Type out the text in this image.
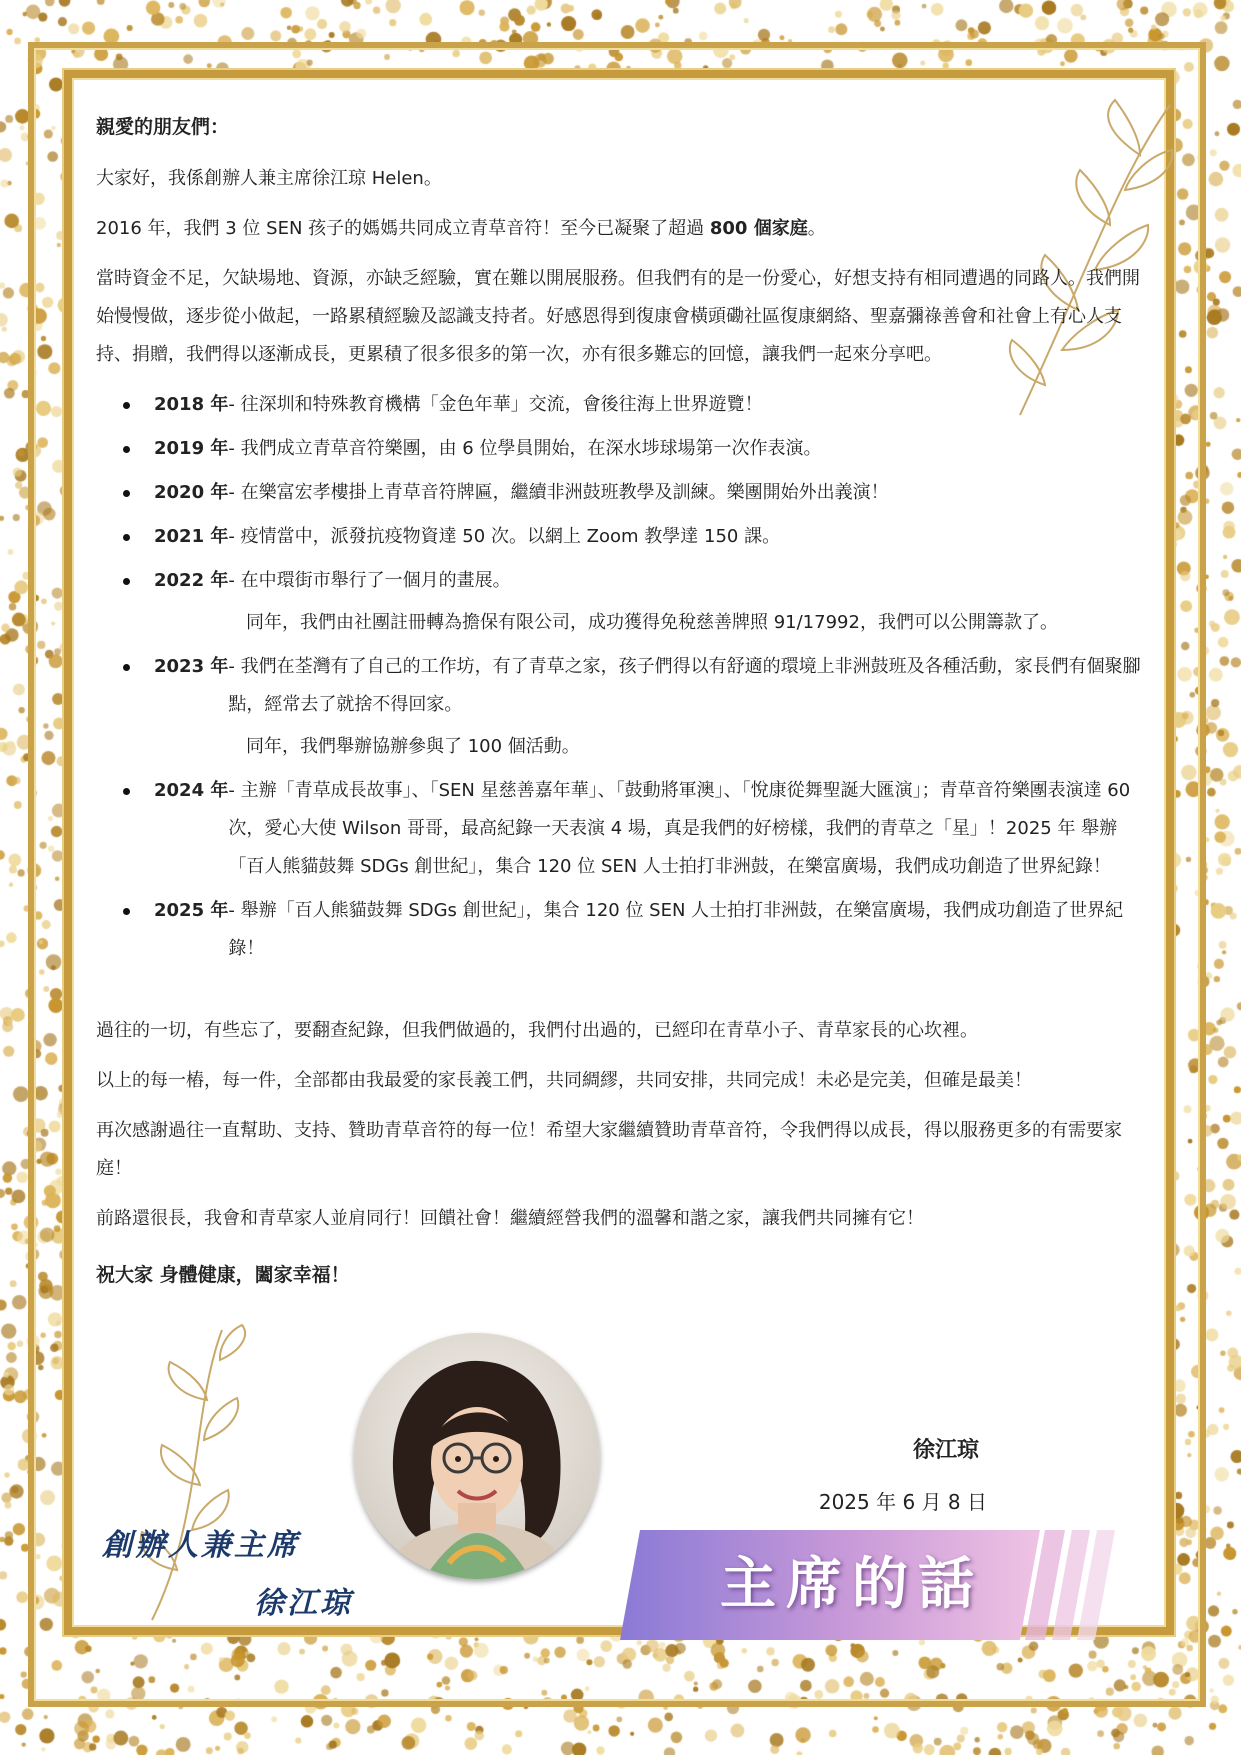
親愛的朋友們：

大家好，我係創辦人兼主席徐江琼 Helen。

2016 年，我們 3 位 SEN 孩子的媽媽共同成立青草音符！至今已凝聚了超過 800 個家庭。

當時資金不足，欠缺場地、資源，亦缺乏經驗，實在難以開展服務。但我們有的是一份愛心，好想支持有相同遭遇的同路人。我們開始慢慢做，逐步從小做起，一路累積經驗及認識支持者。好感恩得到復康會橫頭磡社區復康網絡、聖嘉彌祿善會和社會上有心人支持、捐贈，我們得以逐漸成長，更累積了很多很多的第一次，亦有很多難忘的回憶，讓我們一起來分享吧。

2018 年 - 往深圳和特殊教育機構「金色年華」交流，會後往海上世界遊覽！
2019 年 - 我們成立青草音符樂團，由 6 位學員開始，在深水埗球場第一次作表演。
2020 年 - 在樂富宏孝樓掛上青草音符牌匾，繼續非洲鼓班教學及訓練。樂團開始外出義演！
2021 年 - 疫情當中，派發抗疫物資達 50 次。以網上 Zoom 教學達 150 課。
2022 年 - 在中環街市舉行了一個月的畫展。
同年，我們由社團註冊轉為擔保有限公司，成功獲得免稅慈善牌照 91/17992，我們可以公開籌款了。
2023 年 - 我們在荃灣有了自己的工作坊，有了青草之家，孩子們得以有舒適的環境上非洲鼓班及各種活動，家長們有個聚腳點，經常去了就捨不得回家。
同年，我們舉辦協辦參與了 100 個活動。
2024 年 - 主辦「青草成長故事」、「SEN 星慈善嘉年華」、「鼓動將軍澳」、「悅康從舞聖誕大匯演」；青草音符樂團表演達 60 次，愛心大使 Wilson 哥哥，最高紀錄一天表演 4 場，真是我們的好榜樣，我們的青草之「星」！2025 年 舉辦「百人熊貓鼓舞 SDGs 創世紀」，集合 120 位 SEN 人士拍打非洲鼓，在樂富廣場，我們成功創造了世界紀錄！
2025 年 - 舉辦「百人熊貓鼓舞 SDGs 創世紀」，集合 120 位 SEN 人士拍打非洲鼓，在樂富廣場，我們成功創造了世界紀錄！

過往的一切，有些忘了，要翻查紀錄，但我們做過的，我們付出過的，已經印在青草小子、青草家長的心坎裡。

以上的每一樁，每一件，全部都由我最愛的家長義工們，共同綢繆，共同安排，共同完成！未必是完美，但確是最美！

再次感謝過往一直幫助、支持、贊助青草音符的每一位！希望大家繼續贊助青草音符，令我們得以成長，得以服務更多的有需要家庭！

前路還很長，我會和青草家人並肩同行！回饋社會！繼續經營我們的溫馨和諧之家，讓我們共同擁有它！

祝大家 身體健康，闔家幸福！

徐江琼
2025 年 6 月 8 日
創辦人兼主席
徐江琼	主席的話
